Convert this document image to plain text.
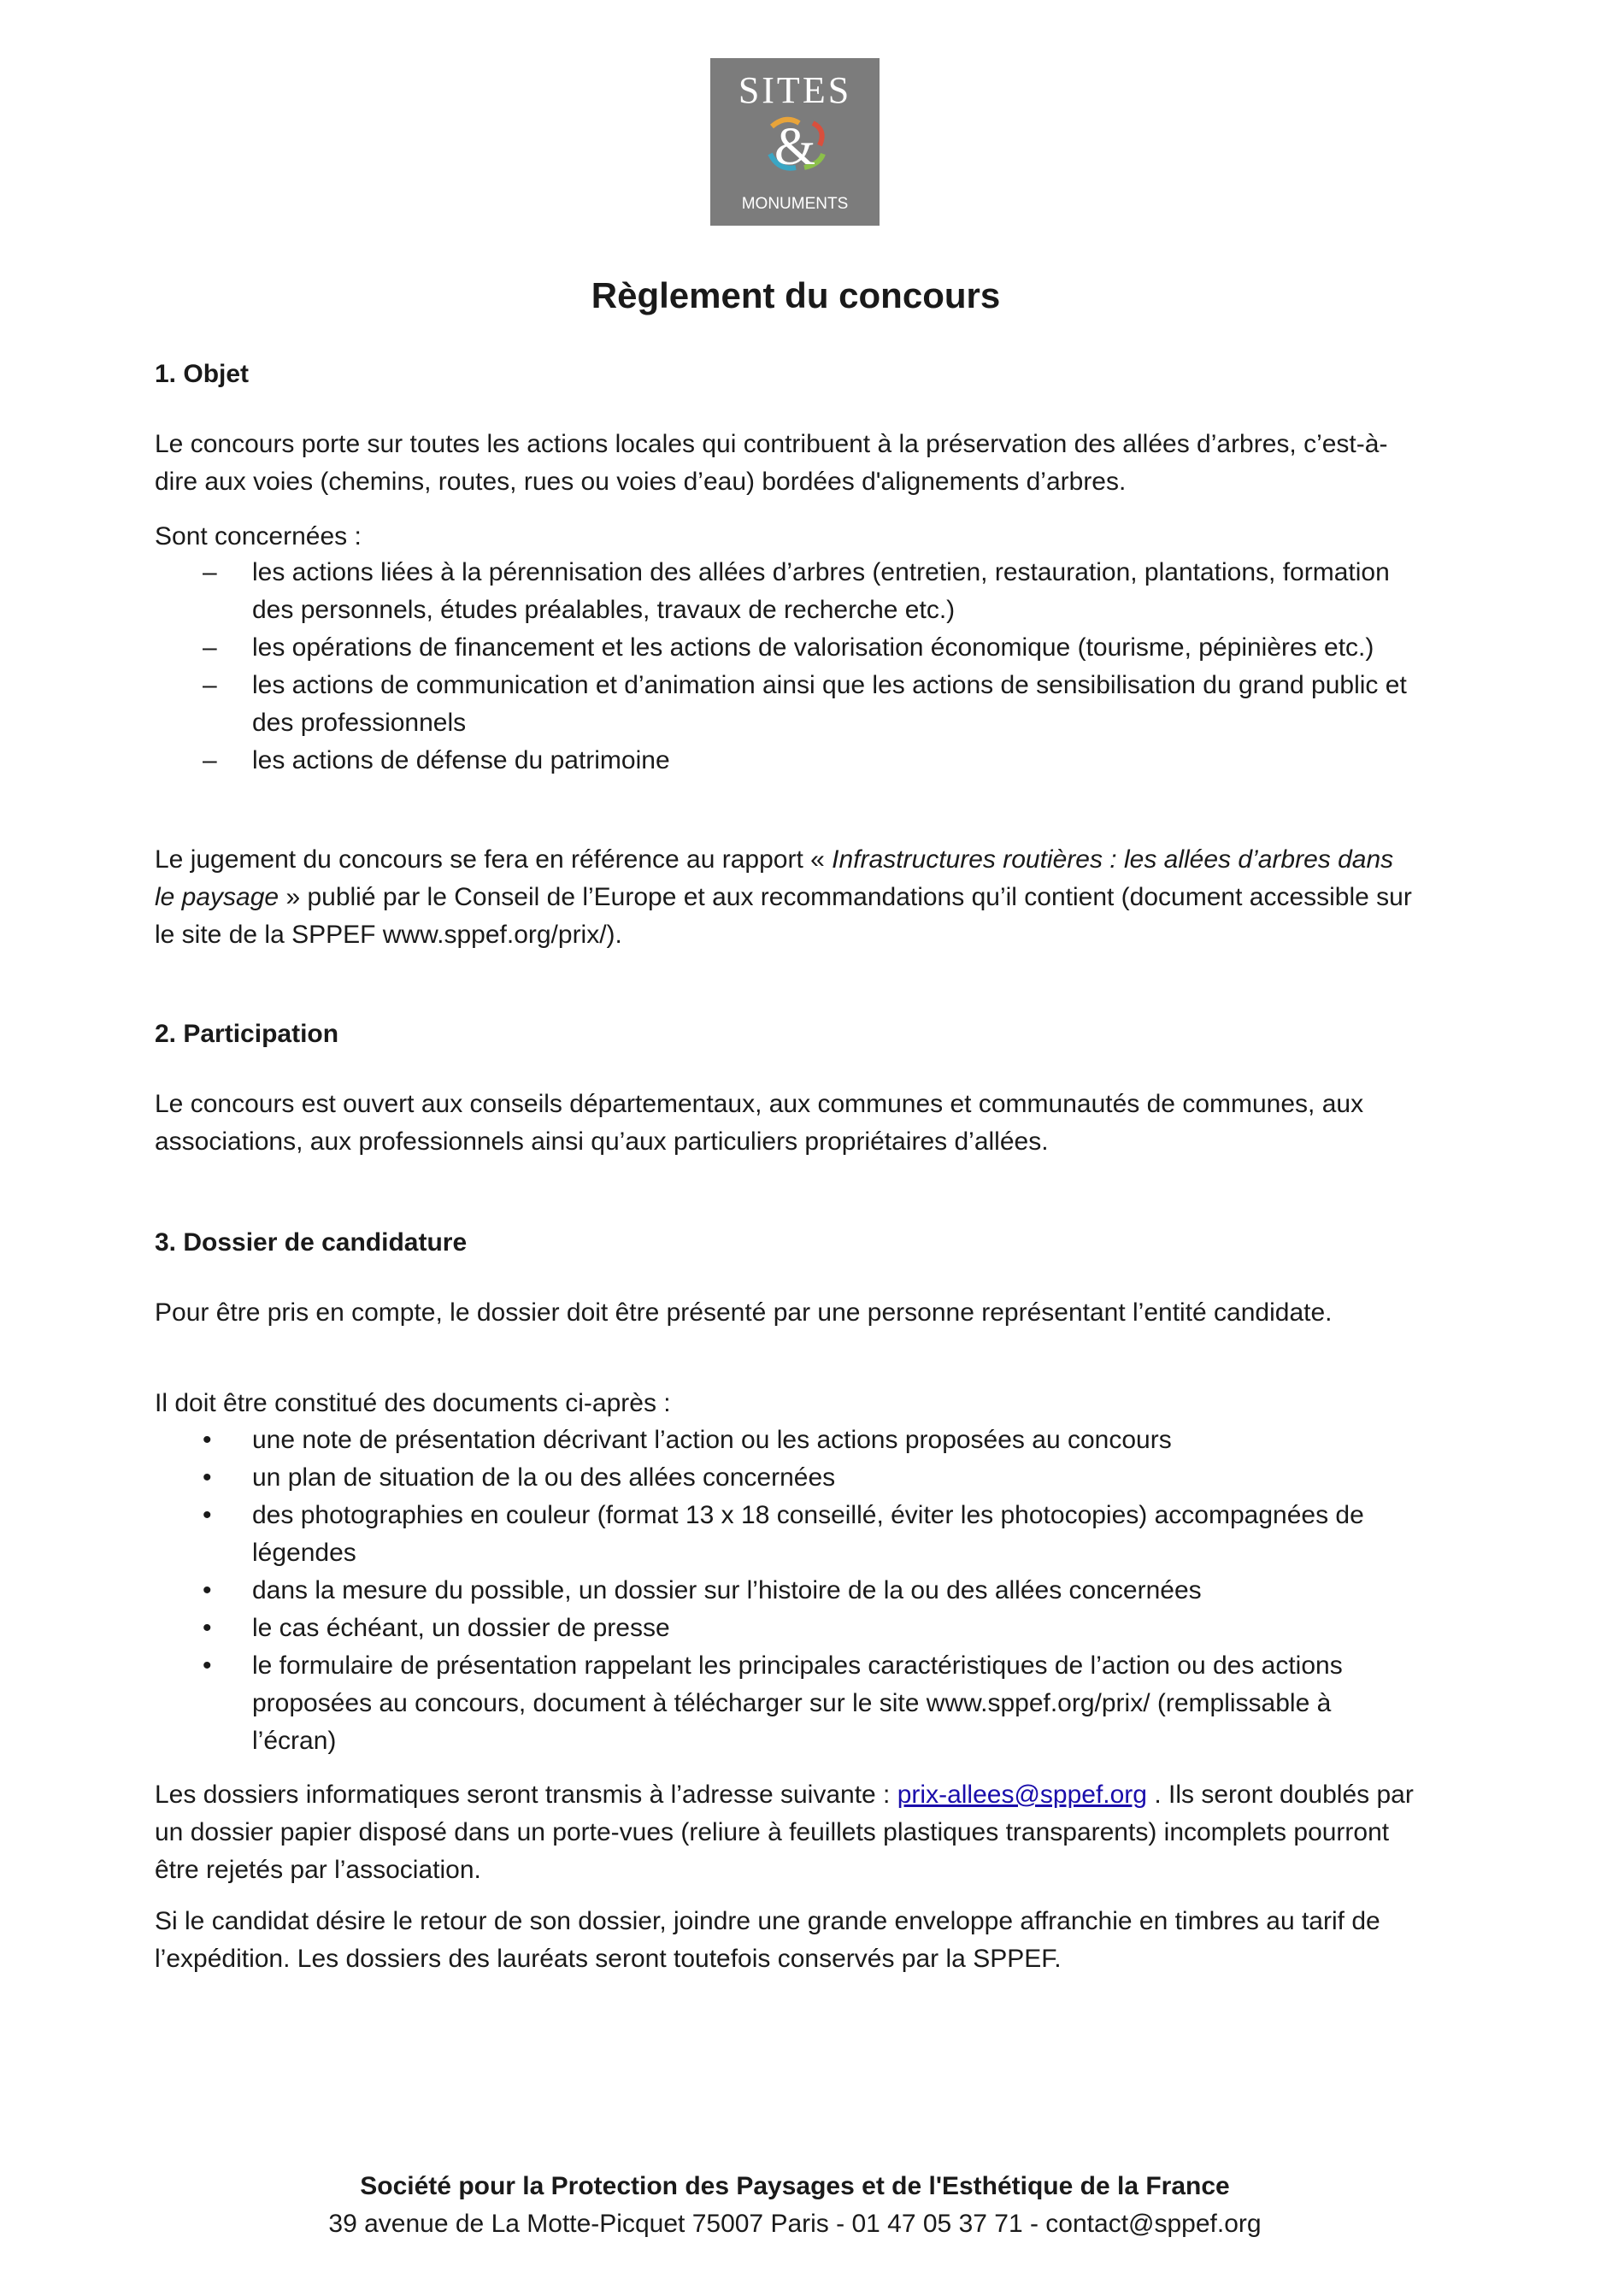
SITES
&
MONUMENTS
Règlement du concours
1. Objet
Le concours porte sur toutes les actions locales qui contribuent à la préservation des allées d’arbres, c’est-à-dire aux voies (chemins, routes, rues ou voies d’eau) bordées d'alignements d’arbres.
Sont concernées :
– les actions liées à la pérennisation des allées d’arbres (entretien, restauration, plantations, formation des personnels, études préalables, travaux de recherche etc.)
– les opérations de financement et les actions de valorisation économique (tourisme, pépinières etc.)
– les actions de communication et d’animation ainsi que les actions de sensibilisation du grand public et des professionnels
– les actions de défense du patrimoine
Le jugement du concours se fera en référence au rapport « Infrastructures routières : les allées d’arbres dans le paysage » publié par le Conseil de l’Europe et aux recommandations qu’il contient (document accessible sur le site de la SPPEF www.sppef.org/prix/).
2. Participation
Le concours est ouvert aux conseils départementaux, aux communes et communautés de communes, aux associations, aux professionnels ainsi qu’aux particuliers propriétaires d’allées.
3. Dossier de candidature
Pour être pris en compte, le dossier doit être présenté par une personne représentant l’entité candidate.
Il doit être constitué des documents ci-après :
• une note de présentation décrivant l’action ou les actions proposées au concours
• un plan de situation de la ou des allées concernées
• des photographies en couleur (format 13 x 18 conseillé, éviter les photocopies) accompagnées de légendes
• dans la mesure du possible, un dossier sur l’histoire de la ou des allées concernées
• le cas échéant, un dossier de presse
• le formulaire de présentation rappelant les principales caractéristiques de l’action ou des actions proposées au concours, document à télécharger sur le site www.sppef.org/prix/ (remplissable à l’écran)
Les dossiers informatiques seront transmis à l’adresse suivante : prix-allees@sppef.org . Ils seront doublés par un dossier papier disposé dans un porte-vues (reliure à feuillets plastiques transparents) incomplets pourront être rejetés par l’association.
Si le candidat désire le retour de son dossier, joindre une grande enveloppe affranchie en timbres au tarif de l’expédition. Les dossiers des lauréats seront toutefois conservés par la SPPEF.
Société pour la Protection des Paysages et de l'Esthétique de la France
39 avenue de La Motte-Picquet 75007 Paris - 01 47 05 37 71 - contact@sppef.org
